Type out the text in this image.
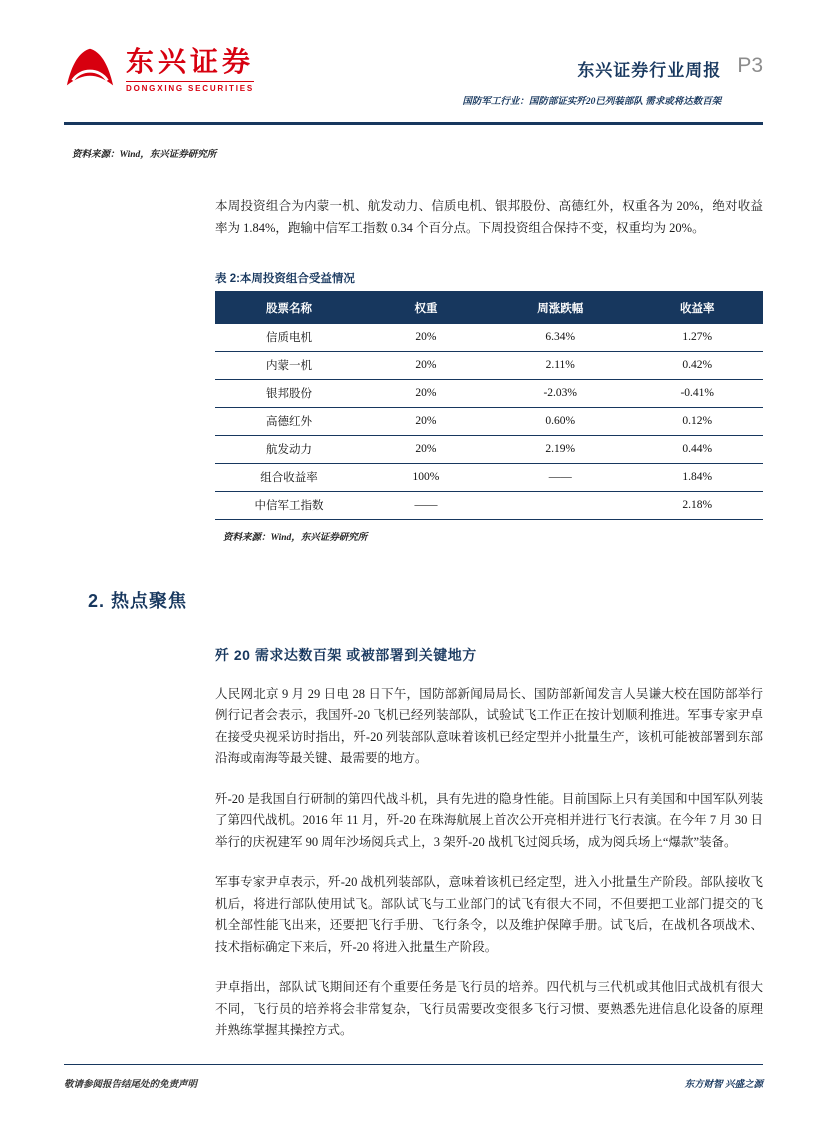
东兴证券
DONGXING SECURITIES
东兴证券行业周报
国防军工行业：国防部证实歼20已列装部队 需求或将达数百架
P3
资料来源：Wind，东兴证券研究所

本周投资组合为内蒙一机、航发动力、信质电机、银邦股份、高德红外，权重各为 20%，绝对收益率为 1.84%，跑输中信军工指数 0.34 个百分点。下周投资组合保持不变，权重均为 20%。

表 2:本周投资组合受益情况
股票名称	权重	周涨跌幅	收益率
信质电机	20%	6.34%	1.27%
内蒙一机	20%	2.11%	0.42%
银邦股份	20%	-2.03%	-0.41%
高德红外	20%	0.60%	0.12%
航发动力	20%	2.19%	0.44%
组合收益率	100%	——	1.84%
中信军工指数	——		2.18%
资料来源：Wind，东兴证券研究所
2. 热点聚焦
歼 20 需求达数百架 或被部署到关键地方

人民网北京 9 月 29 日电 28 日下午，国防部新闻局局长、国防部新闻发言人吴谦大校在国防部举行例行记者会表示，我国歼-20 飞机已经列装部队，试验试飞工作正在按计划顺利推进。军事专家尹卓在接受央视采访时指出，歼-20 列装部队意味着该机已经定型并小批量生产，该机可能被部署到东部沿海或南海等最关键、最需要的地方。

歼-20 是我国自行研制的第四代战斗机，具有先进的隐身性能。目前国际上只有美国和中国军队列装了第四代战机。2016 年 11 月，歼-20 在珠海航展上首次公开亮相并进行飞行表演。在今年 7 月 30 日举行的庆祝建军 90 周年沙场阅兵式上，3 架歼-20 战机飞过阅兵场，成为阅兵场上“爆款”装备。

军事专家尹卓表示，歼-20 战机列装部队，意味着该机已经定型，进入小批量生产阶段。部队接收飞机后，将进行部队使用试飞。部队试飞与工业部门的试飞有很大不同，不但要把工业部门提交的飞机全部性能飞出来，还要把飞行手册、飞行条令，以及维护保障手册。试飞后，在战机各项战术、技术指标确定下来后，歼-20 将进入批量生产阶段。

尹卓指出，部队试飞期间还有个重要任务是飞行员的培养。四代机与三代机或其他旧式战机有很大不同，飞行员的培养将会非常复杂，飞行员需要改变很多飞行习惯、要熟悉先进信息化设备的原理并熟练掌握其操控方式。

敬请参阅报告结尾处的免责声明	东方财智 兴盛之源
